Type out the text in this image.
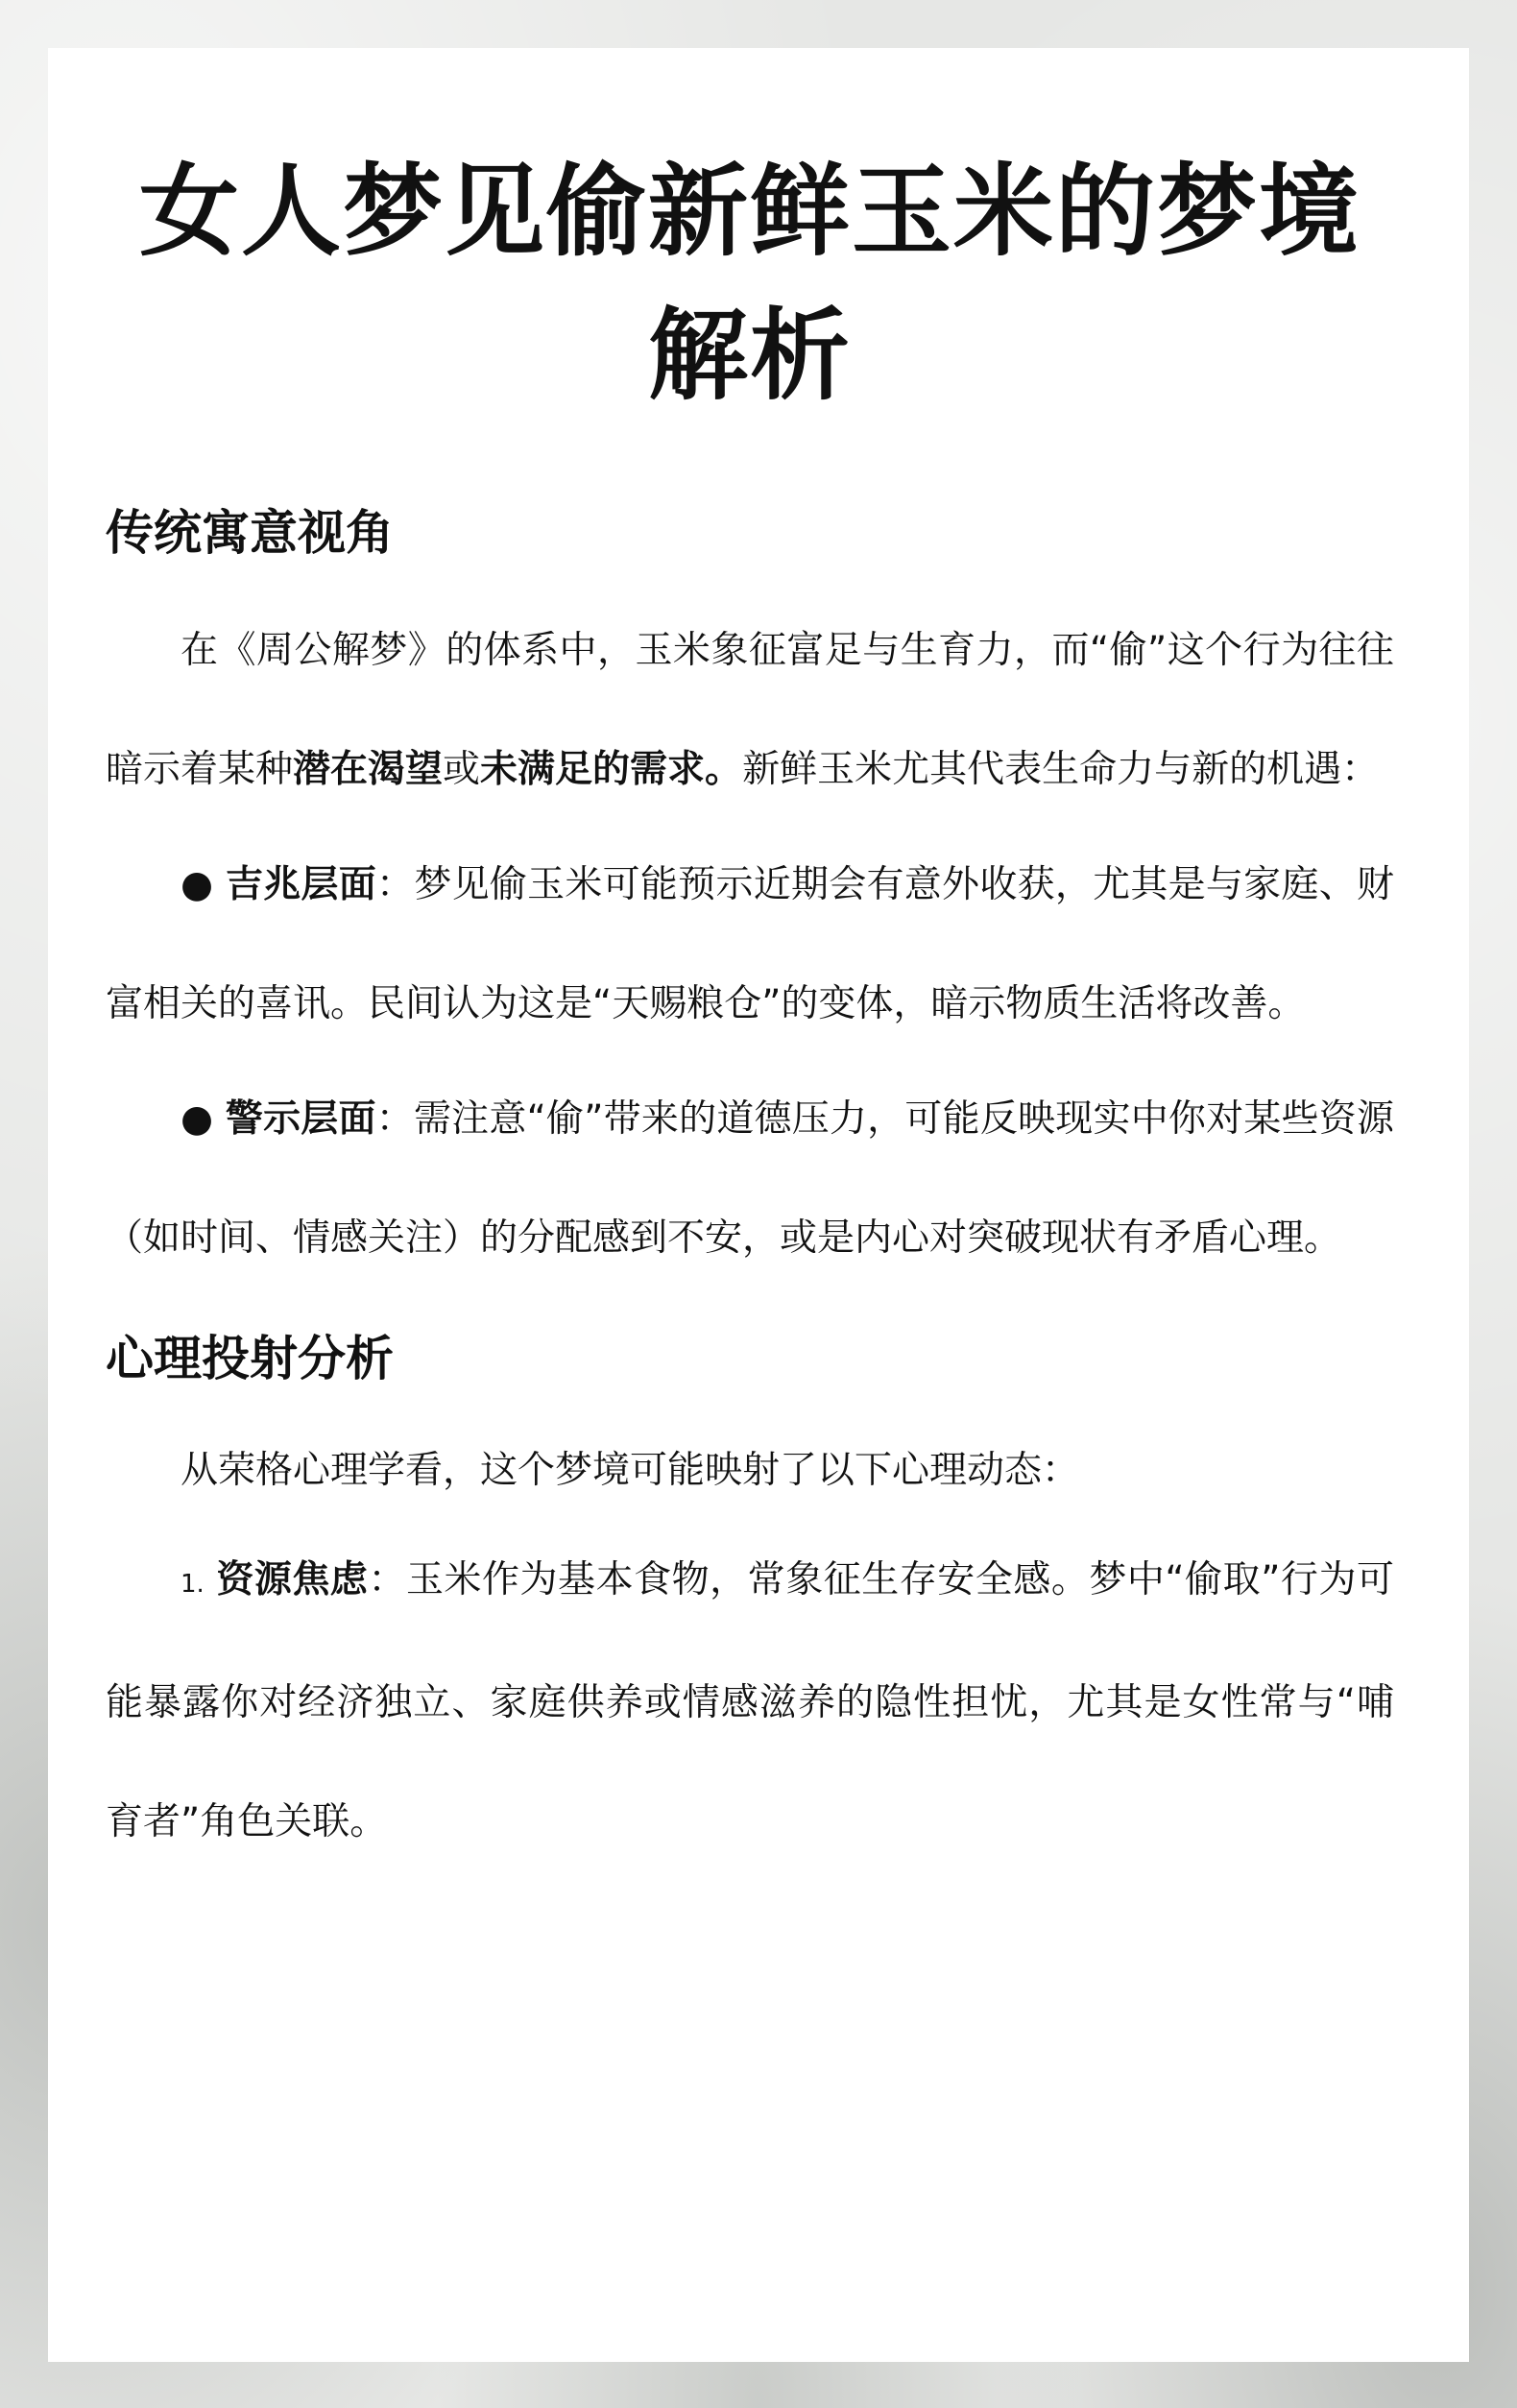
女人梦见偷新鲜玉米的梦境解析
传统寓意视角

在《周公解梦》的体系中，玉米象征富足与生育力，而“偷”这个行为往往暗示着某种潜在渴望或未满足的需求。新鲜玉米尤其代表生命力与新的机遇：

● 吉兆层面：梦见偷玉米可能预示近期会有意外收获，尤其是与家庭、财富相关的喜讯。民间认为这是“天赐粮仓”的变体，暗示物质生活将改善。

● 警示层面：需注意“偷”带来的道德压力，可能反映现实中你对某些资源（如时间、情感关注）的分配感到不安，或是内心对突破现状有矛盾心理。

心理投射分析

从荣格心理学看，这个梦境可能映射了以下心理动态：

1. 资源焦虑：玉米作为基本食物，常象征生存安全感。梦中“偷取”行为可能暴露你对经济独立、家庭供养或情感滋养的隐性担忧，尤其是女性常与“哺育者”角色关联。
